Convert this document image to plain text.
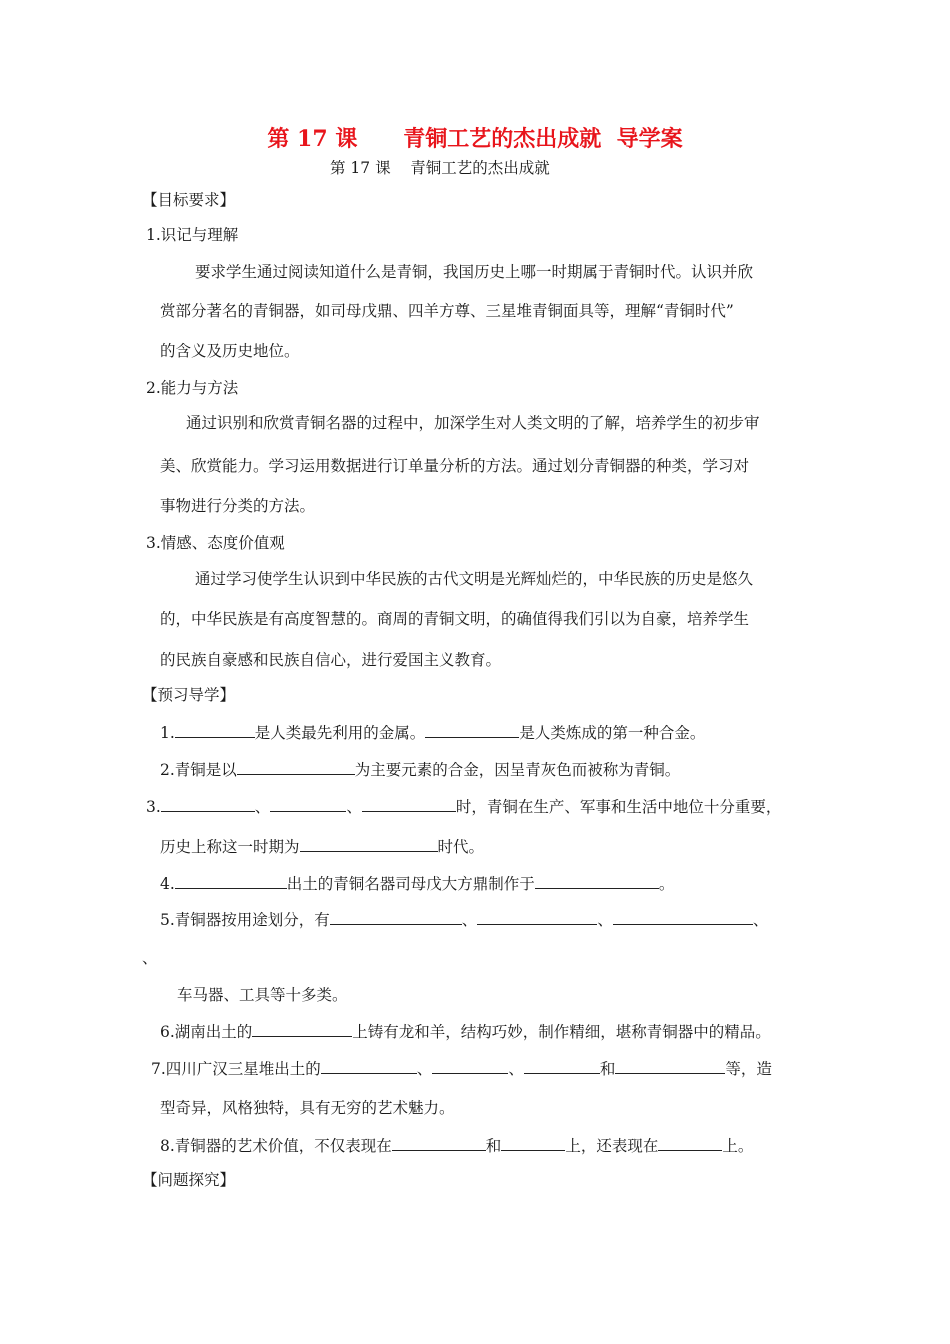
第 17 课      青铜工艺的杰出成就  导学案
第 17 课    青铜工艺的杰出成就
【目标要求】
1.识记与理解
要求学生通过阅读知道什么是青铜，我国历史上哪一时期属于青铜时代。认识并欣
赏部分著名的青铜器，如司母戊鼎、四羊方尊、三星堆青铜面具等，理解“青铜时代”
的含义及历史地位。
2.能力与方法
通过识别和欣赏青铜名器的过程中，加深学生对人类文明的了解，培养学生的初步审
美、欣赏能力。学习运用数据进行订单量分析的方法。通过划分青铜器的种类，学习对
事物进行分类的方法。
3.情感、态度价值观
通过学习使学生认识到中华民族的古代文明是光辉灿烂的，中华民族的历史是悠久
的，中华民族是有高度智慧的。商周的青铜文明，的确值得我们引以为自豪，培养学生
的民族自豪感和民族自信心，进行爱国主义教育。
【预习导学】
1.	是人类最先利用的金属。	是人类炼成的第一种合金。
2.青铜是以	为主要元素的合金，因呈青灰色而被称为青铜。
3.	、	、	时，青铜在生产、军事和生活中地位十分重要，
历史上称这一时期为	时代。
4.	出土的青铜名器司母戊大方鼎制作于	。
5.青铜器按用途划分，有	、	、	、
、
车马器、工具等十多类。
6.湖南出土的	上铸有龙和羊，结构巧妙，制作精细，堪称青铜器中的精品。
7.四川广汉三星堆出土的	、	、	和	等，造
型奇异，风格独特，具有无穷的艺术魅力。
8.青铜器的艺术价值，不仅表现在	和	上，还表现在	上。
【问题探究】
